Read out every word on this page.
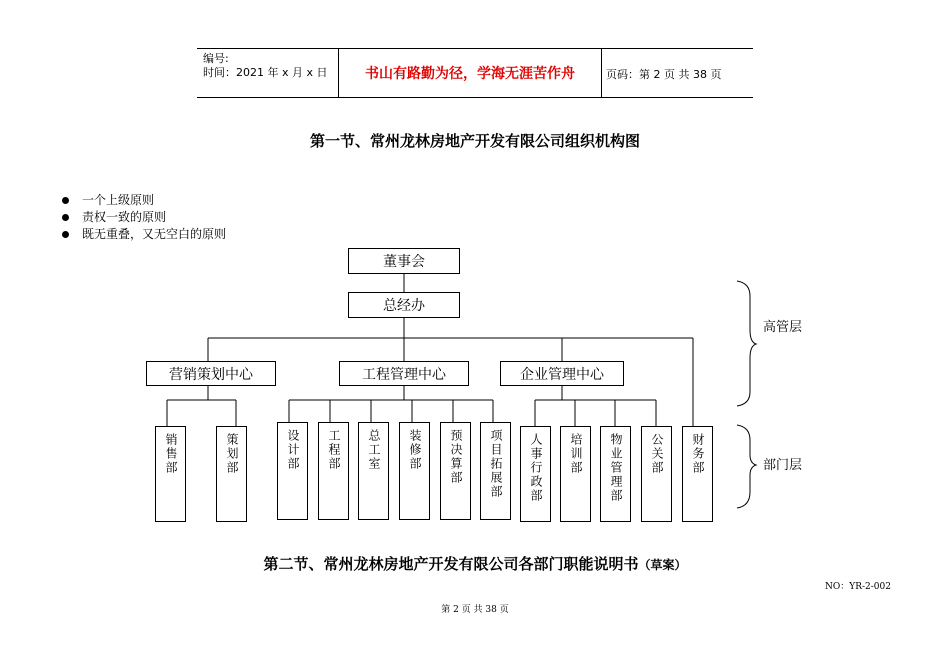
编号:
时间：2021 年 x 月 x 日	书山有路勤为径，学海无涯苦作舟	页码：第 2 页 共 38 页
第一节、常州龙林房地产开发有限公司组织机构图
一个上级原则
责权一致的原则
既无重叠，又无空白的原则
董事会
总经办
营销策划中心	工程管理中心	企业管理中心
销售部	策划部	设计部 工程部 总工室 装修部 预决算部 项目拓展部 人事行政部 培训部 物业管理部 公关部 财务部
高管层
部门层
第二节、常州龙林房地产开发有限公司各部门职能说明书（草案）
NO：YR-2-002
第 2 页 共 38 页
